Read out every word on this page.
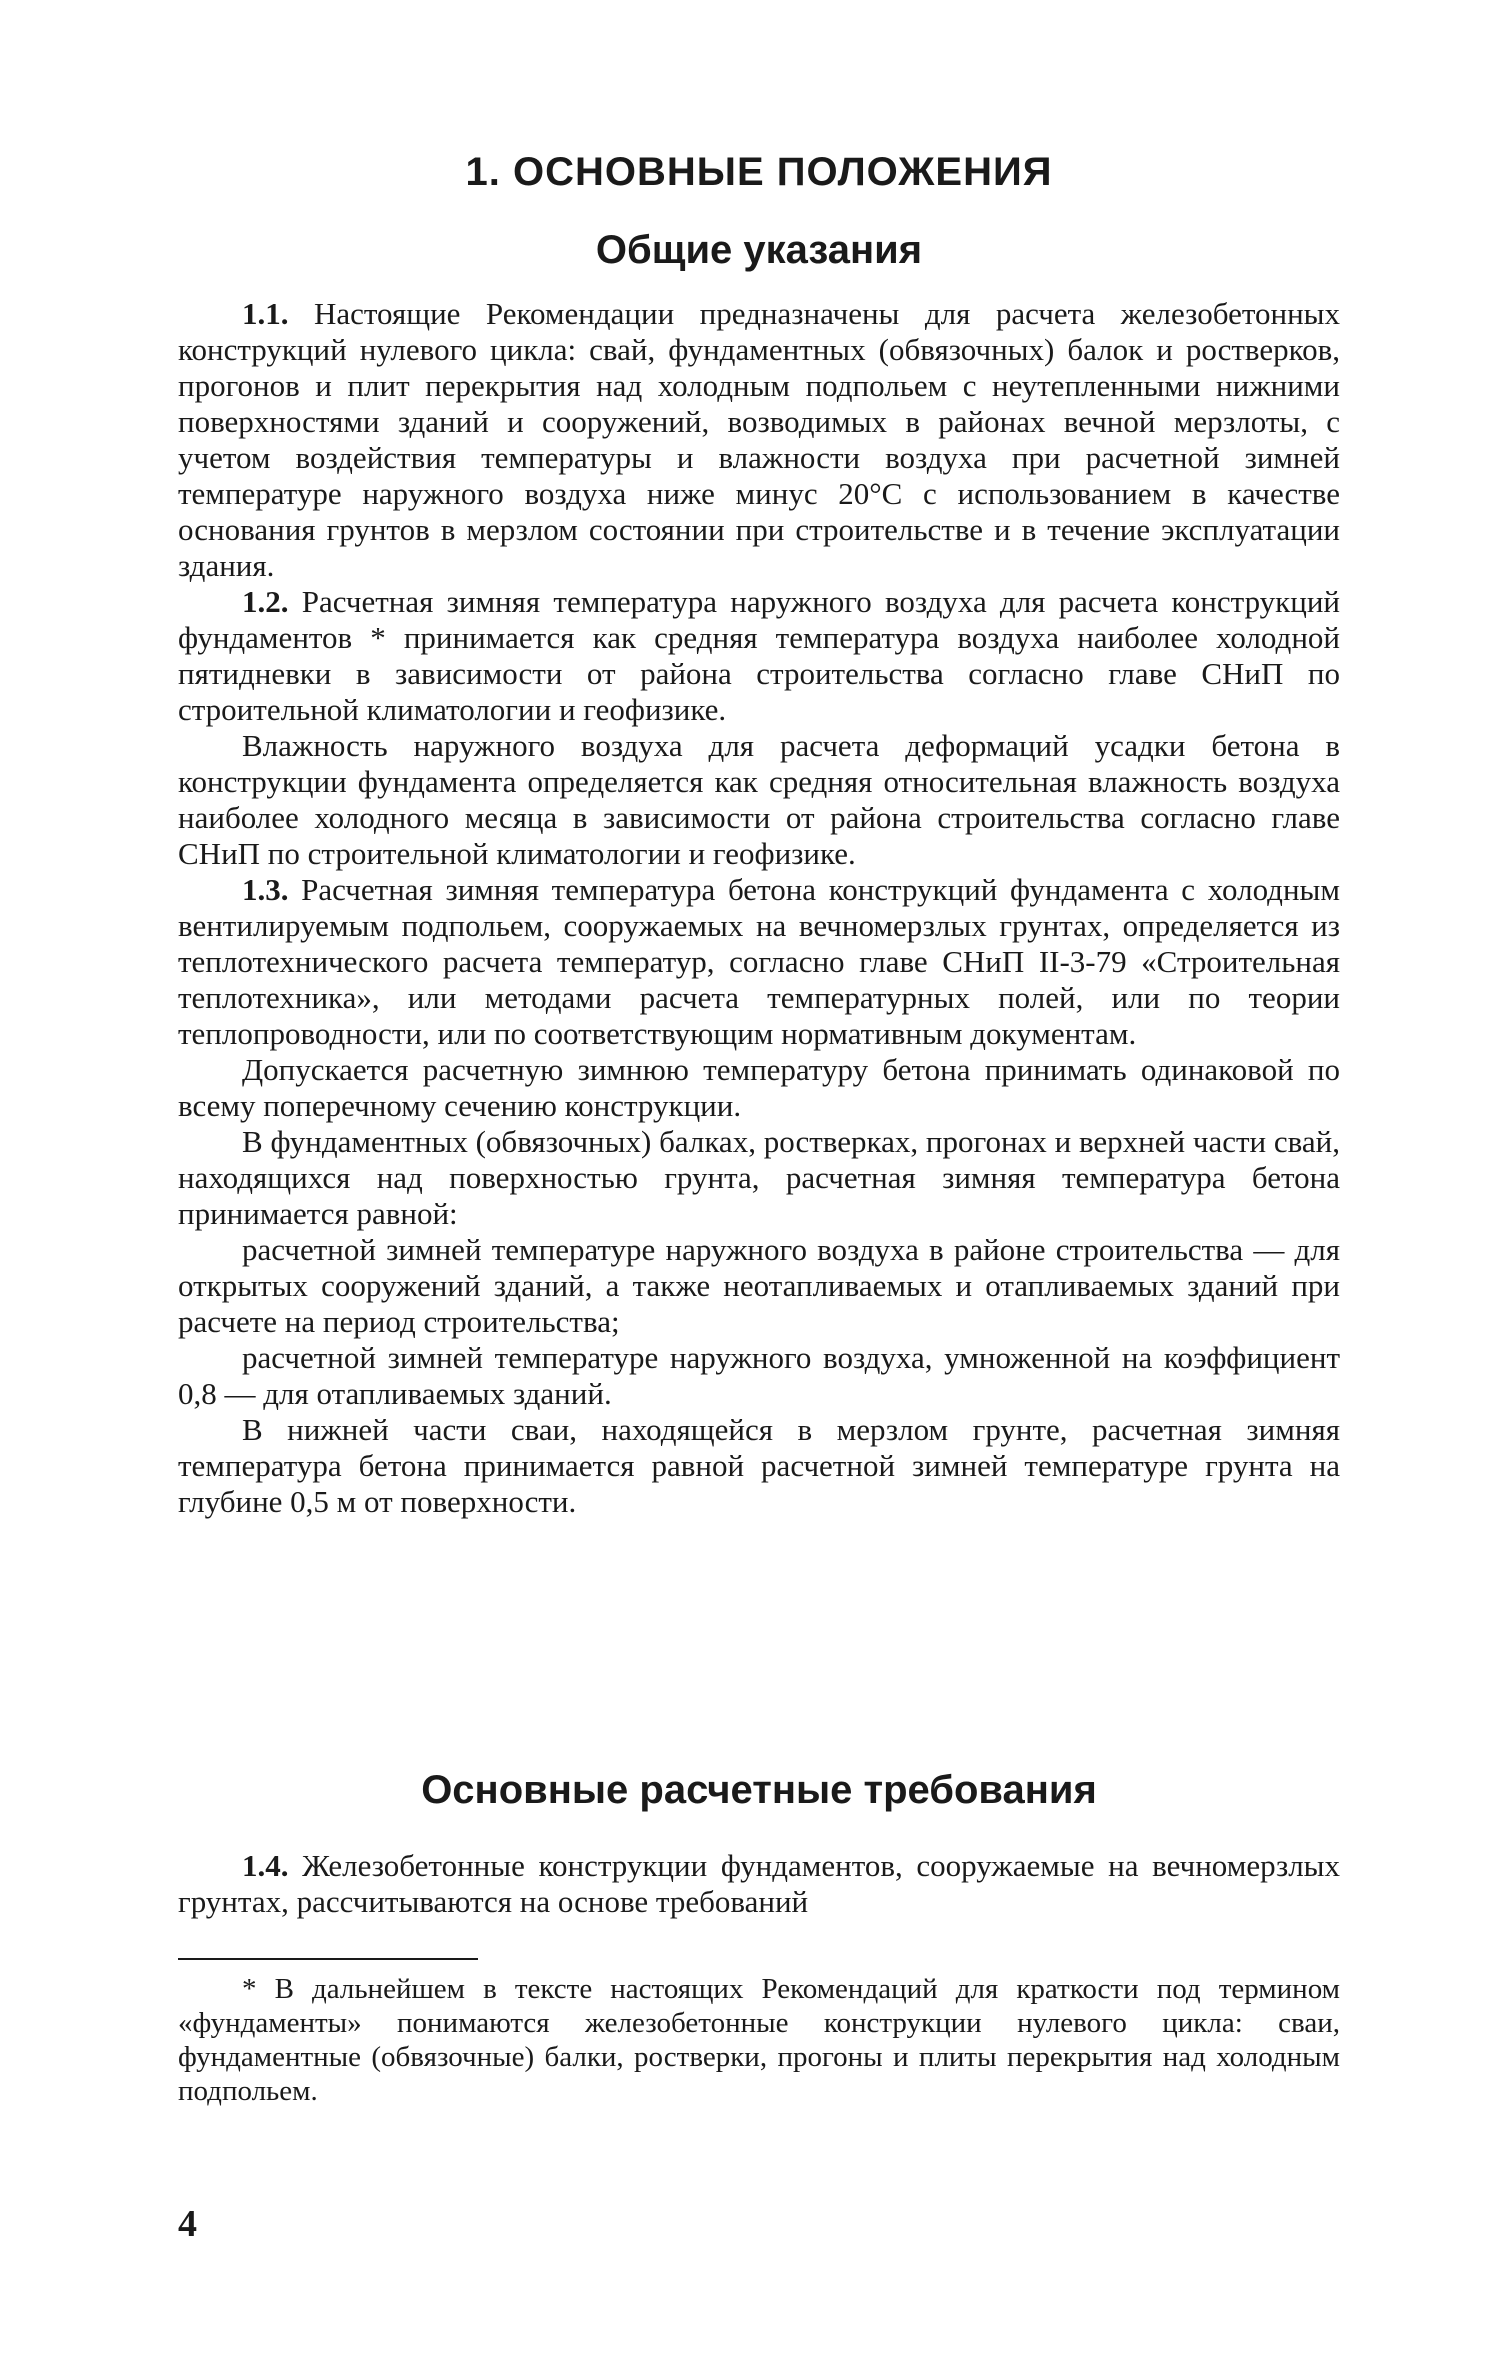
1. ОСНОВНЫЕ ПОЛОЖЕНИЯ
Общие указания

1.1. Настоящие Рекомендации предназначены для расчета железобетонных конструкций нулевого цикла: свай, фундаментных (обвязочных) балок и ростверков, прогонов и плит перекрытия над холодным подпольем с неутепленными нижними поверхностями зданий и сооружений, возводимых в районах вечной мерзлоты, с учетом воздействия температуры и влажности воздуха при расчетной зимней температуре наружного воздуха ниже минус 20°С с использованием в качестве основания грунтов в мерзлом состоянии при строительстве и в течение эксплуатации здания.

1.2. Расчетная зимняя температура наружного воздуха для расчета конструкций фундаментов * принимается как средняя температура воздуха наиболее холодной пятидневки в зависимости от района строительства согласно главе СНиП по строительной климатологии и геофизике.

Влажность наружного воздуха для расчета деформаций усадки бетона в конструкции фундамента определяется как средняя относительная влажность воздуха наиболее холодного месяца в зависимости от района строительства согласно главе СНиП по строительной климатологии и геофизике.

1.3. Расчетная зимняя температура бетона конструкций фундамента с холодным вентилируемым подпольем, сооружаемых на вечномерзлых грунтах, определяется из теплотехнического расчета температур, согласно главе СНиП II-3-79 «Строительная теплотехника», или методами расчета температурных полей, или по теории теплопроводности, или по соответствующим нормативным документам.

Допускается расчетную зимнюю температуру бетона принимать одинаковой по всему поперечному сечению конструкции.

В фундаментных (обвязочных) балках, ростверках, прогонах и верхней части свай, находящихся над поверхностью грунта, расчетная зимняя температура бетона принимается равной:

расчетной зимней температуре наружного воздуха в районе строительства — для открытых сооружений зданий, а также неотапливаемых и отапливаемых зданий при расчете на период строительства;

расчетной зимней температуре наружного воздуха, умноженной на коэффициент 0,8 — для отапливаемых зданий.

В нижней части сваи, находящейся в мерзлом грунте, расчетная зимняя температура бетона принимается равной расчетной зимней температуре грунта на глубине 0,5 м от поверхности.

Основные расчетные требования

1.4. Железобетонные конструкции фундаментов, сооружаемые на вечномерзлых грунтах, рассчитываются на основе требований

* В дальнейшем в тексте настоящих Рекомендаций для краткости под термином «фундаменты» понимаются железобетонные конструкции нулевого цикла: сваи, фундаментные (обвязочные) балки, ростверки, прогоны и плиты перекрытия над холодным подпольем.

4
